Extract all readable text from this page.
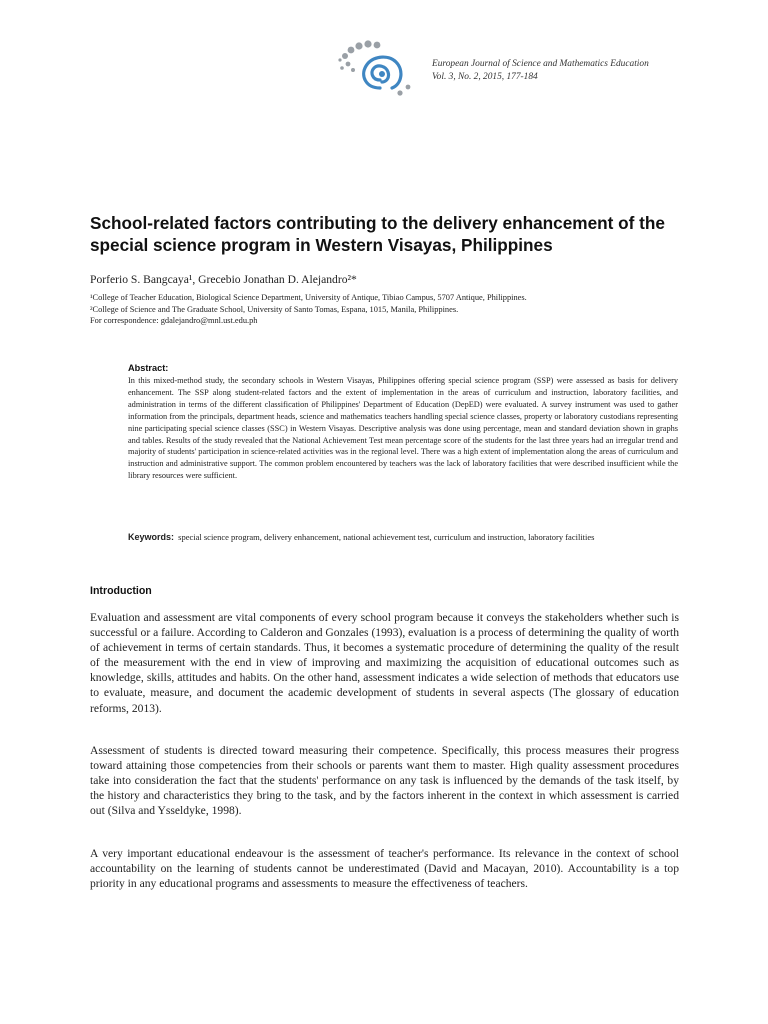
European Journal of Science and Mathematics Education
Vol. 3, No. 2, 2015, 177-184
School-related factors contributing to the delivery enhancement of the special science program in Western Visayas, Philippines
Porferio S. Bangcaya¹, Grecebio Jonathan D. Alejandro²*
¹College of Teacher Education, Biological Science Department, University of Antique, Tibiao Campus, 5707 Antique, Philippines.
²College of Science and The Graduate School, University of Santo Tomas, Espana, 1015, Manila, Philippines.
For correspondence: gdalejandro@mnl.ust.edu.ph
Abstract:

In this mixed-method study, the secondary schools in Western Visayas, Philippines offering special science program (SSP) were assessed as basis for delivery enhancement. The SSP along student-related factors and the extent of implementation in the areas of curriculum and instruction, laboratory facilities, and administration in terms of the different classification of Philippines' Department of Education (DepED) were evaluated. A survey instrument was used to gather information from the principals, department heads, science and mathematics teachers handling special science classes, property or laboratory custodians representing nine participating special science classes (SSC) in Western Visayas. Descriptive analysis was done using percentage, mean and standard deviation shown in graphs and tables. Results of the study revealed that the National Achievement Test mean percentage score of the students for the last three years had an irregular trend and majority of students' participation in science-related activities was in the regional level. There was a high extent of implementation along the areas of curriculum and instruction and administrative support. The common problem encountered by teachers was the lack of laboratory facilities that were described insufficient while the library resources were sufficient.

Keywords: special science program, delivery enhancement, national achievement test, curriculum and instruction, laboratory facilities
Introduction

Evaluation and assessment are vital components of every school program because it conveys the stakeholders whether such is successful or a failure. According to Calderon and Gonzales (1993), evaluation is a process of determining the quality of worth of achievement in terms of certain standards. Thus, it becomes a systematic procedure of determining the quality of the result of the measurement with the end in view of improving and maximizing the acquisition of educational outcomes such as knowledge, skills, attitudes and habits. On the other hand, assessment indicates a wide selection of methods that educators use to evaluate, measure, and document the academic development of students in several aspects (The glossary of education reforms, 2013).

Assessment of students is directed toward measuring their competence. Specifically, this process measures their progress toward attaining those competencies from their schools or parents want them to master. High quality assessment procedures take into consideration the fact that the students' performance on any task is influenced by the demands of the task itself, by the history and characteristics they bring to the task, and by the factors inherent in the context in which assessment is carried out (Silva and Ysseldyke, 1998).

A very important educational endeavour is the assessment of teacher's performance. Its relevance in the context of school accountability on the learning of students cannot be underestimated (David and Macayan, 2010). Accountability is a top priority in any educational programs and assessments to measure the effectiveness of teachers.
